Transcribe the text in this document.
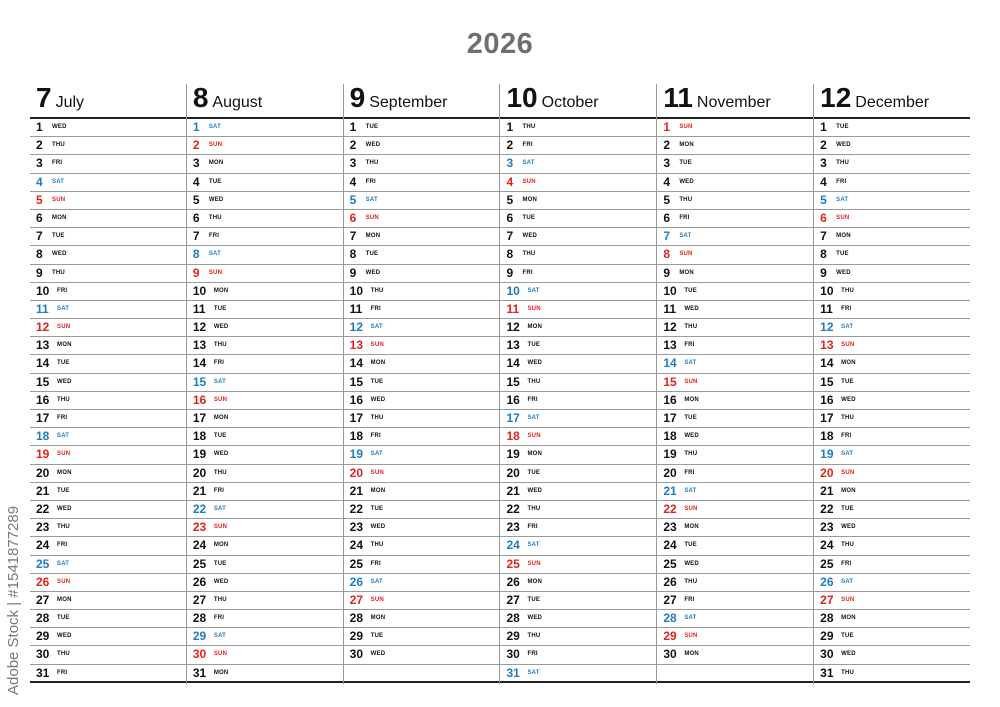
2026
7 July
1 WED
2 THU
3 FRI
4 SAT
5 SUN
6 MON
7 TUE
8 WED
9 THU
10 FRI
11 SAT
12 SUN
13 MON
14 TUE
15 WED
16 THU
17 FRI
18 SAT
19 SUN
20 MON
21 TUE
22 WED
23 THU
24 FRI
25 SAT
26 SUN
27 MON
28 TUE
29 WED
30 THU
31 FRI
8 August
1 SAT
2 SUN
3 MON
4 TUE
5 WED
6 THU
7 FRI
8 SAT
9 SUN
10 MON
11 TUE
12 WED
13 THU
14 FRI
15 SAT
16 SUN
17 MON
18 TUE
19 WED
20 THU
21 FRI
22 SAT
23 SUN
24 MON
25 TUE
26 WED
27 THU
28 FRI
29 SAT
30 SUN
31 MON
9 September
1 TUE
2 WED
3 THU
4 FRI
5 SAT
6 SUN
7 MON
8 TUE
9 WED
10 THU
11 FRI
12 SAT
13 SUN
14 MON
15 TUE
16 WED
17 THU
18 FRI
19 SAT
20 SUN
21 MON
22 TUE
23 WED
24 THU
25 FRI
26 SAT
27 SUN
28 MON
29 TUE
30 WED
10 October
1 THU
2 FRI
3 SAT
4 SUN
5 MON
6 TUE
7 WED
8 THU
9 FRI
10 SAT
11 SUN
12 MON
13 TUE
14 WED
15 THU
16 FRI
17 SAT
18 SUN
19 MON
20 TUE
21 WED
22 THU
23 FRI
24 SAT
25 SUN
26 MON
27 TUE
28 WED
29 THU
30 FRI
31 SAT
11 November
1 SUN
2 MON
3 TUE
4 WED
5 THU
6 FRI
7 SAT
8 SUN
9 MON
10 TUE
11 WED
12 THU
13 FRI
14 SAT
15 SUN
16 MON
17 TUE
18 WED
19 THU
20 FRI
21 SAT
22 SUN
23 MON
24 TUE
25 WED
26 THU
27 FRI
28 SAT
29 SUN
30 MON
12 December
1 TUE
2 WED
3 THU
4 FRI
5 SAT
6 SUN
7 MON
8 TUE
9 WED
10 THU
11 FRI
12 SAT
13 SUN
14 MON
15 TUE
16 WED
17 THU
18 FRI
19 SAT
20 SUN
21 MON
22 TUE
23 WED
24 THU
25 FRI
26 SAT
27 SUN
28 MON
29 TUE
30 WED
31 THU
Adobe Stock | #1541877289
